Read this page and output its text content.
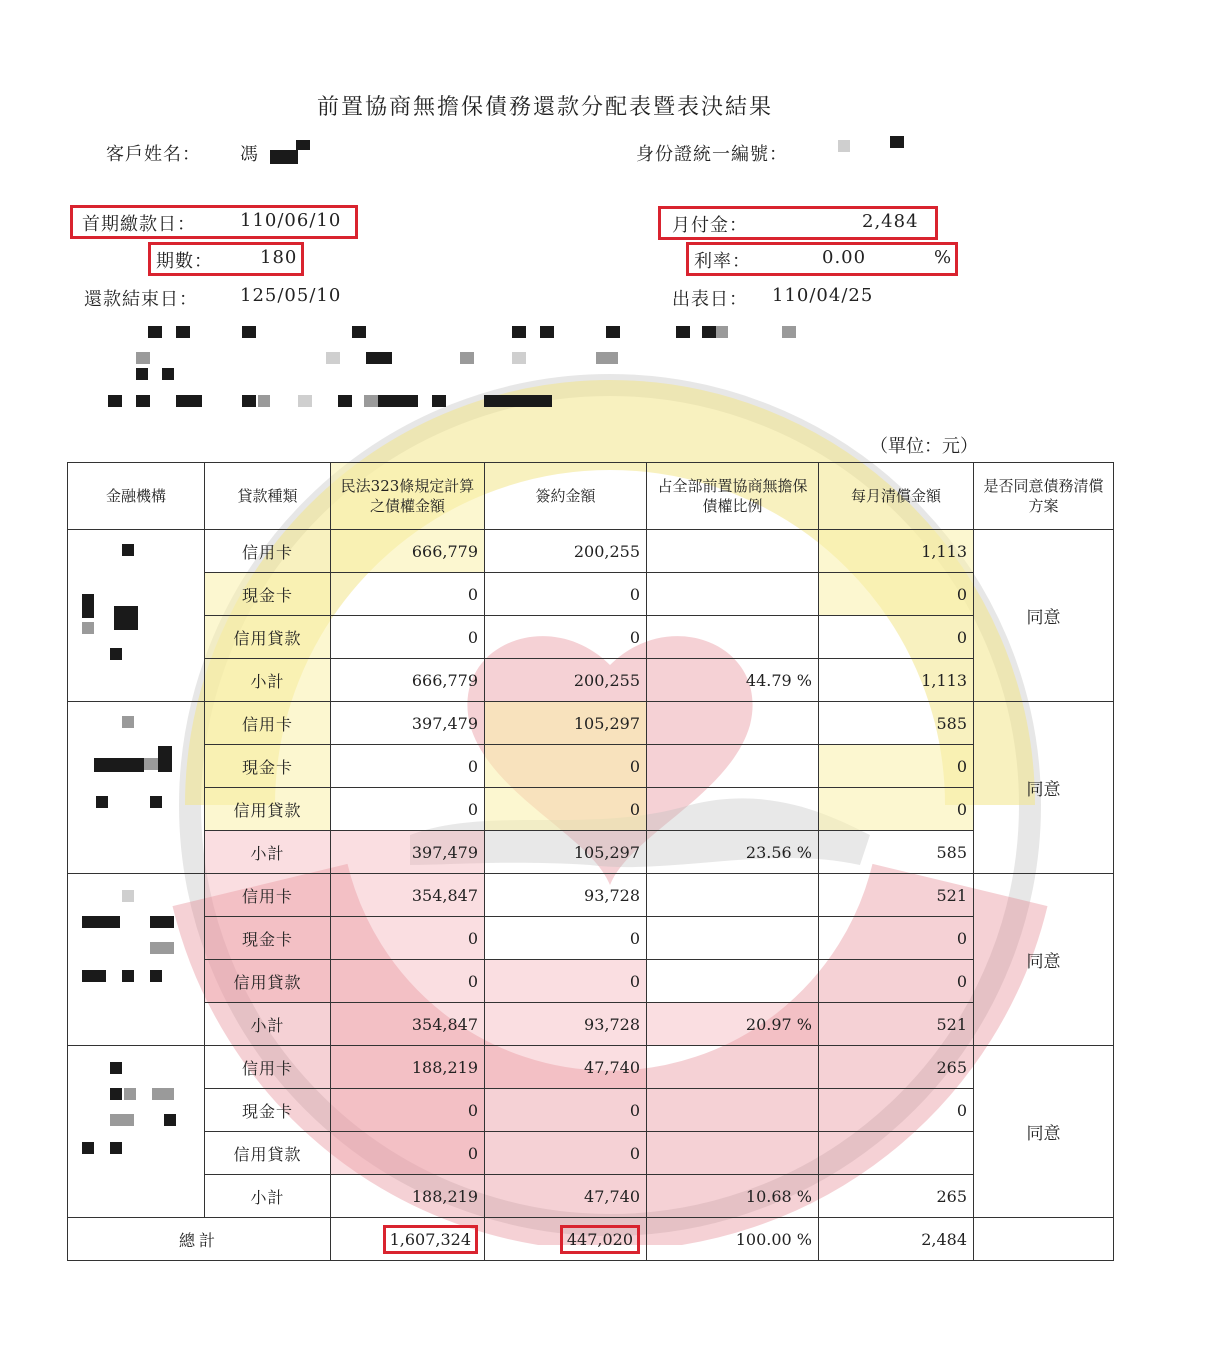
前置協商無擔保債務還款分配表暨表決結果
客戶姓名： 馮	身份證統一編號：
首期繳款日： 110/06/10
期數：	180
還款結束日： 125/05/10
月付金：	2,484
利率：	0.00	%
出表日： 110/04/25
（單位：元）
金融機構	貸款種類	民法323條規定計算之債權金額	簽約金額	占全部前置協商無擔保債權比例	每月清償金額	是否同意債務清償方案

	信用卡	666,779	200,255		1,113	同意
	現金卡	0	0		0	
	信用貸款	0	0		0	
	小計	666,779	200,255	44.79 %	1,113	

	信用卡	397,479	105,297		585	同意
	現金卡	0	0		0	
	信用貸款	0	0		0	
	小計	397,479	105,297	23.56 %	585	

	信用卡	354,847	93,728		521	同意
	現金卡	0	0		0	
	信用貸款	0	0		0	
	小計	354,847	93,728	20.97 %	521	

	信用卡	188,219	47,740		265	同意
	現金卡	0	0		0	
	信用貸款	0	0			
	小計	188,219	47,740	10.68 %	265	
總計		1,607,324	447,020	100.00 %	2,484	
